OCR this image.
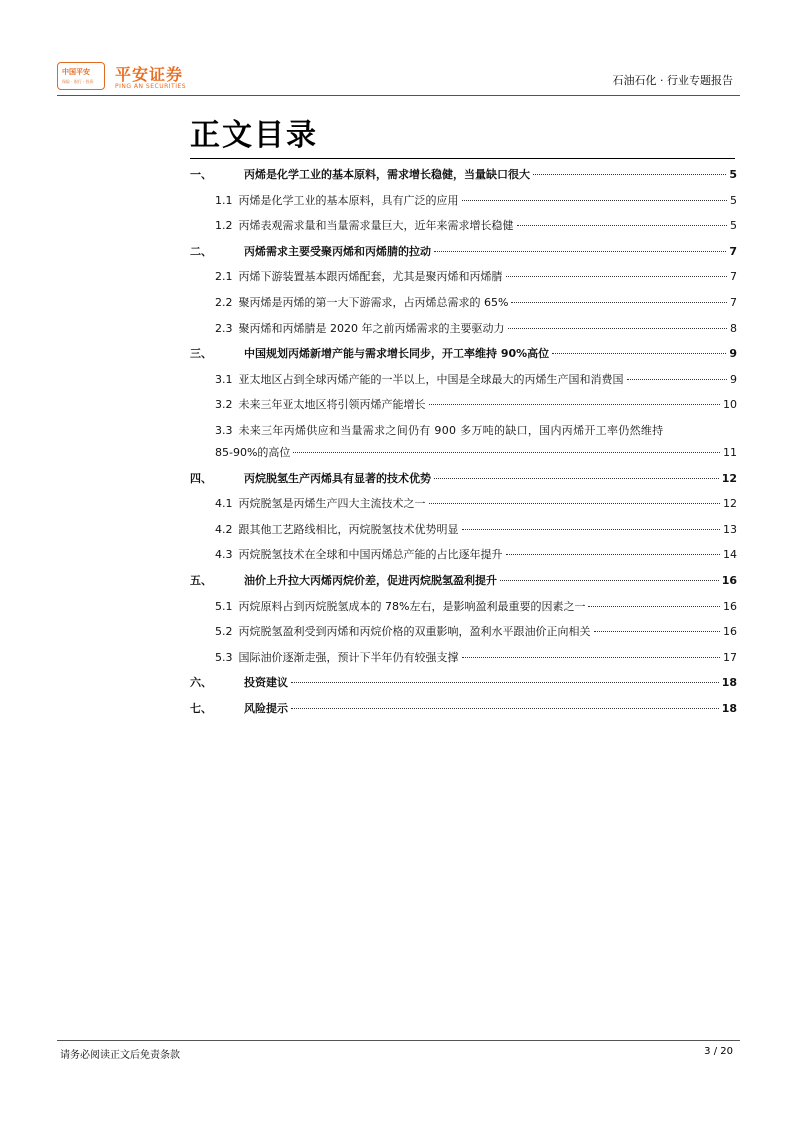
中国平安
保险 · 银行 · 投资 平安证券
PING AN SECURITIES	石油石化 · 行业专题报告
正文目录
一、	丙烯是化学工业的基本原料，需求增长稳健，当量缺口很大	5
1.1 丙烯是化学工业的基本原料，具有广泛的应用	5
1.2 丙烯表观需求量和当量需求量巨大，近年来需求增长稳健	5
二、	丙烯需求主要受聚丙烯和丙烯腈的拉动	7
2.1 丙烯下游装置基本跟丙烯配套，尤其是聚丙烯和丙烯腈	7
2.2 聚丙烯是丙烯的第一大下游需求，占丙烯总需求的 65%	7
2.3 聚丙烯和丙烯腈是 2020 年之前丙烯需求的主要驱动力	8
三、	中国规划丙烯新增产能与需求增长同步，开工率维持 90%高位	9
3.1 亚太地区占到全球丙烯产能的一半以上，中国是全球最大的丙烯生产国和消费国	9
3.2 未来三年亚太地区将引领丙烯产能增长	10
3.3 未来三年丙烯供应和当量需求之间仍有 900 多万吨的缺口，国内丙烯开工率仍然维持
85-90%的高位	11
四、	丙烷脱氢生产丙烯具有显著的技术优势	12
4.1 丙烷脱氢是丙烯生产四大主流技术之一	12
4.2 跟其他工艺路线相比，丙烷脱氢技术优势明显	13
4.3 丙烷脱氢技术在全球和中国丙烯总产能的占比逐年提升	14
五、	油价上升拉大丙烯丙烷价差，促进丙烷脱氢盈利提升	16
5.1 丙烷原料占到丙烷脱氢成本的 78%左右，是影响盈利最重要的因素之一	16
5.2 丙烷脱氢盈利受到丙烯和丙烷价格的双重影响，盈利水平跟油价正向相关	16
5.3 国际油价逐渐走强，预计下半年仍有较强支撑	17
六、	投资建议	18
七、	风险提示	18
请务必阅读正文后免责条款	3 / 20
